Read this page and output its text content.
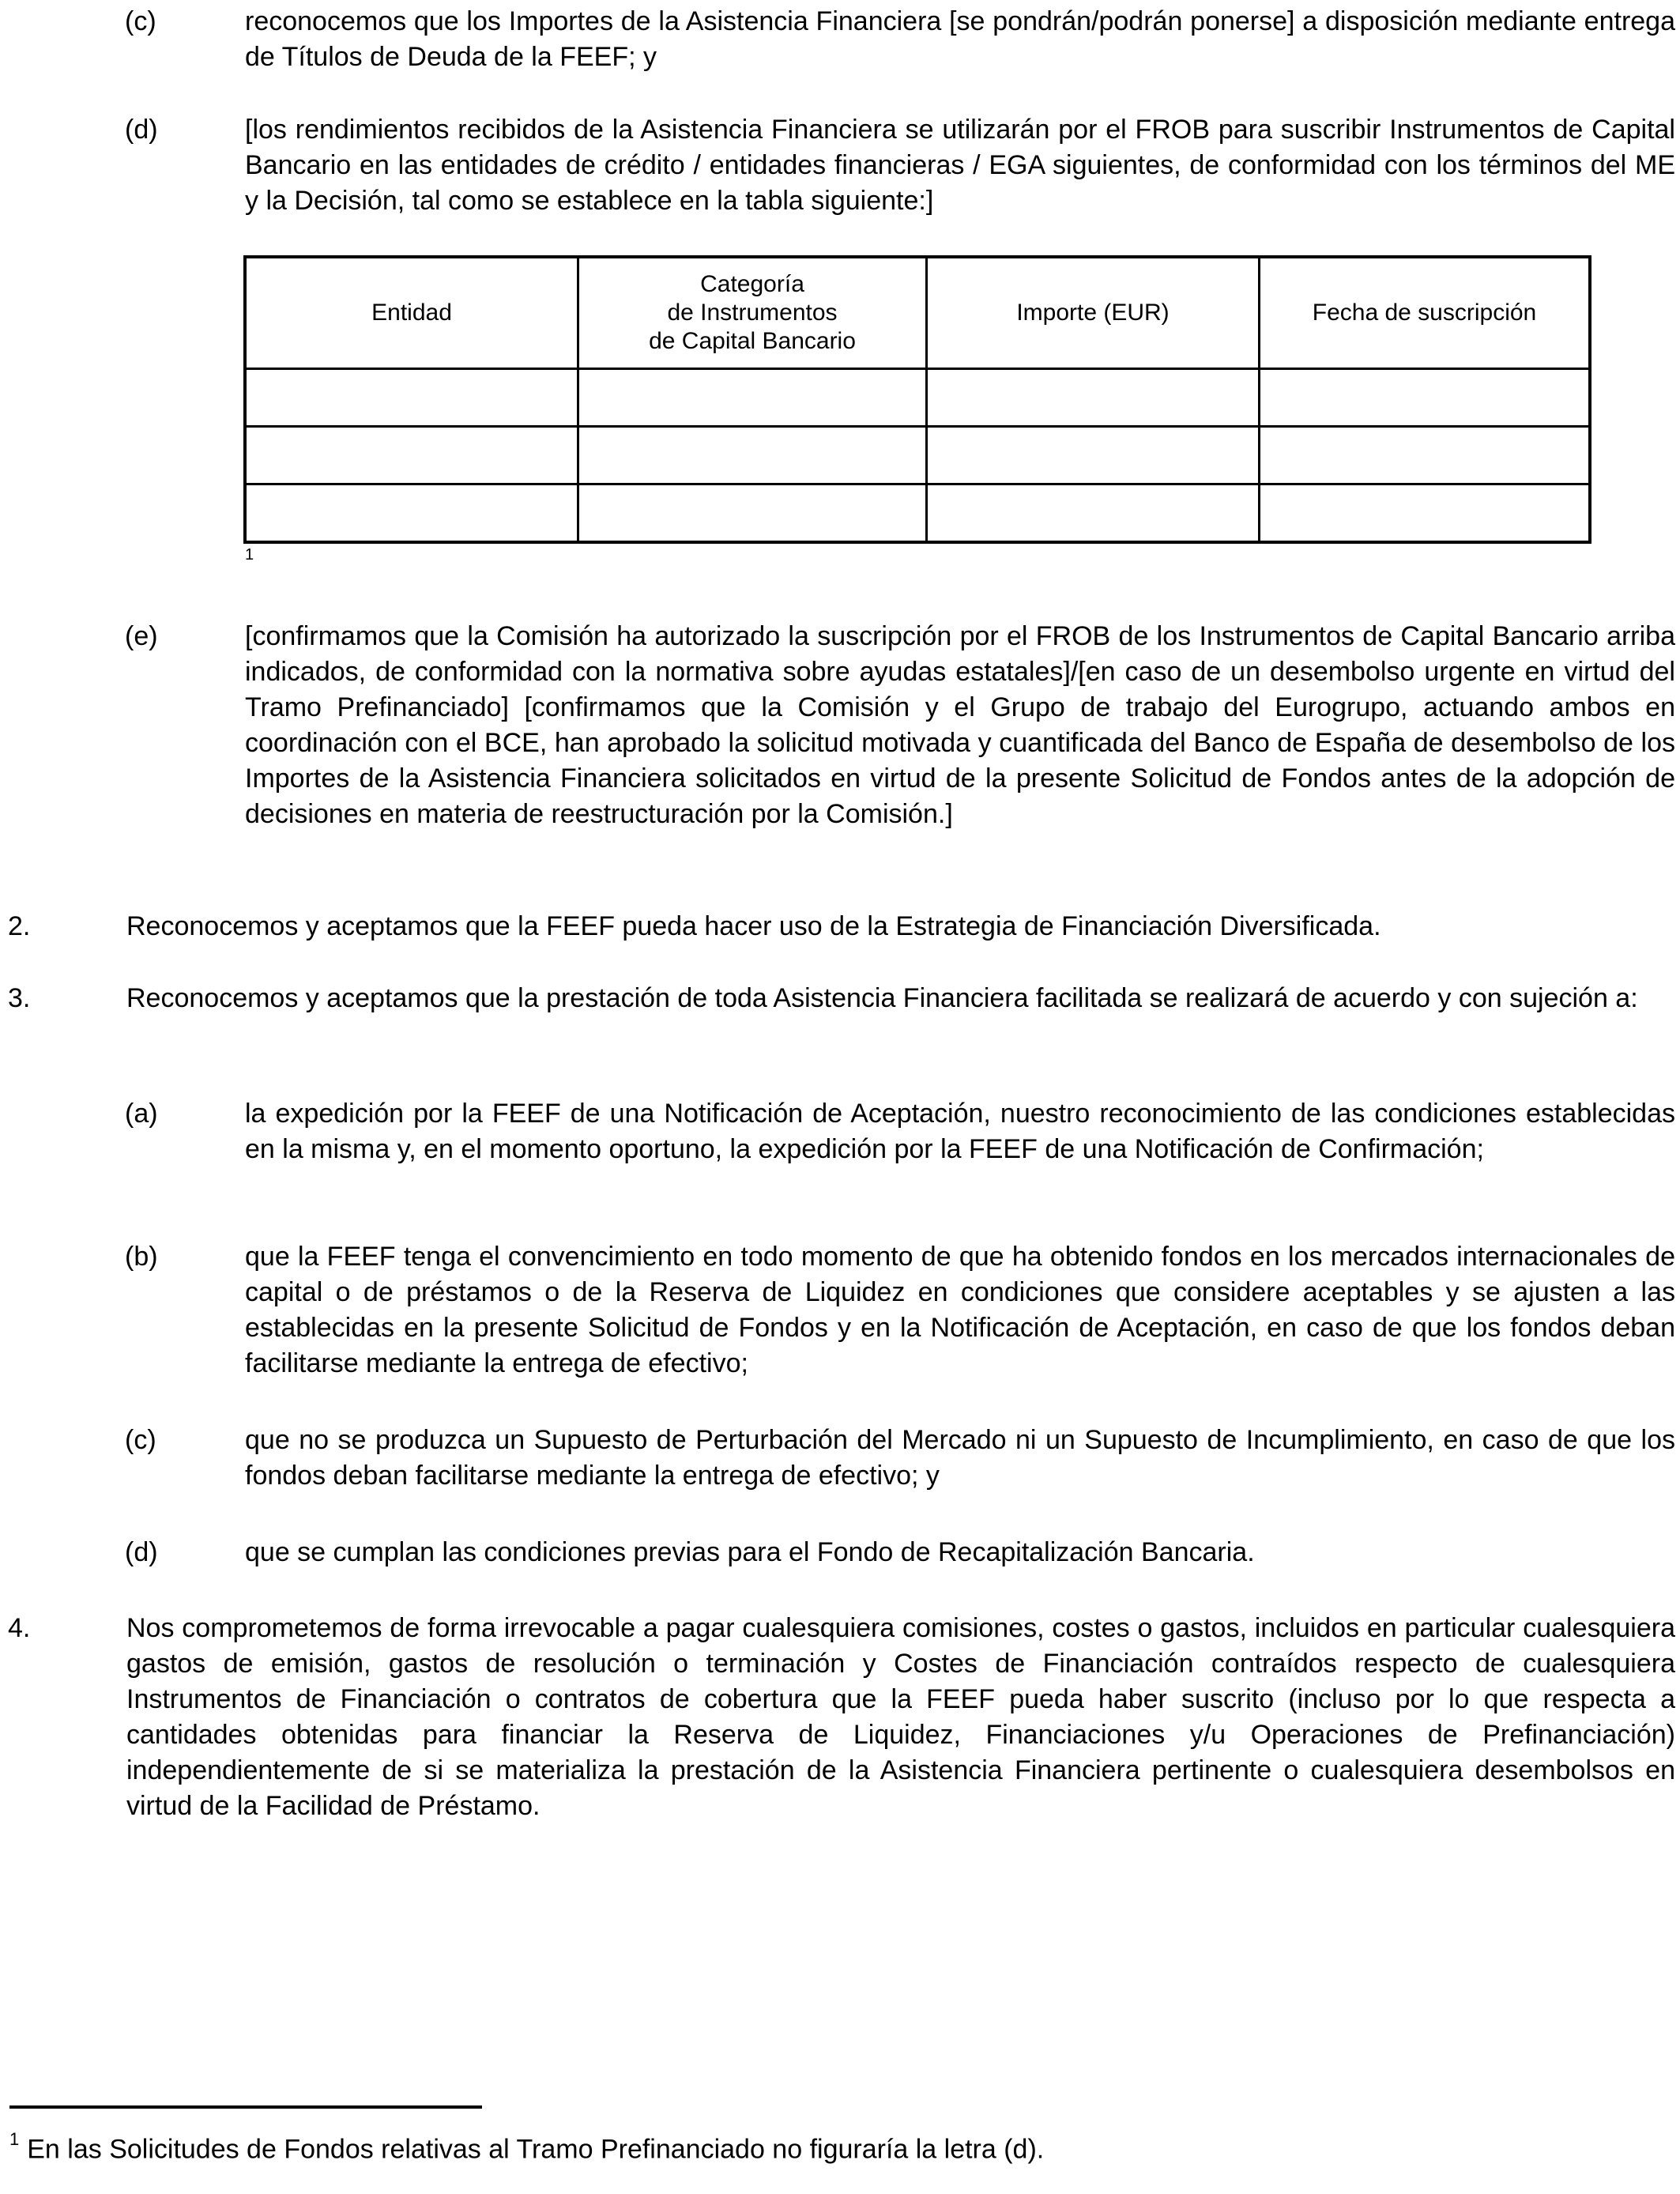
(c)	reconocemos que los Importes de la Asistencia Financiera [se pondrán/podrán ponerse] a disposición mediante entrega de Títulos de Deuda de la FEEF; y
(d)	[los rendimientos recibidos de la Asistencia Financiera se utilizarán por el FROB para suscribir Instrumentos de Capital Bancario en las entidades de crédito / entidades financieras / EGA siguientes, de conformidad con los términos del ME y la Decisión, tal como se establece en la tabla siguiente:]
Entidad	Categoría
de Instrumentos
de Capital Bancario	Importe (EUR)	Fecha de suscripción

1
(e)	[confirmamos que la Comisión ha autorizado la suscripción por el FROB de los Instrumentos de Capital Bancario arriba indicados, de conformidad con la normativa sobre ayudas estatales]/[en caso de un desembolso urgente en virtud del Tramo Prefinanciado] [confirmamos que la Comisión y el Grupo de trabajo del Eurogrupo, actuando ambos en coordinación con el BCE, han aprobado la solicitud motivada y cuantificada del Banco de España de desembolso de los Importes de la Asistencia Financiera solicitados en virtud de la presente Solicitud de Fondos antes de la adopción de decisiones en materia de reestructuración por la Comisión.]
2.	Reconocemos y aceptamos que la FEEF pueda hacer uso de la Estrategia de Financiación Diversificada.
3.	Reconocemos y aceptamos que la prestación de toda Asistencia Financiera facilitada se realizará de acuerdo y con sujeción a:
(a)	la expedición por la FEEF de una Notificación de Aceptación, nuestro reconocimiento de las condiciones establecidas en la misma y, en el momento oportuno, la expedición por la FEEF de una Notificación de Confirmación;
(b)	que la FEEF tenga el convencimiento en todo momento de que ha obtenido fondos en los mercados internacionales de capital o de préstamos o de la Reserva de Liquidez en condiciones que considere aceptables y se ajusten a las establecidas en la presente Solicitud de Fondos y en la Notificación de Aceptación, en caso de que los fondos deban facilitarse mediante la entrega de efectivo;
(c)	que no se produzca un Supuesto de Perturbación del Mercado ni un Supuesto de Incumplimiento, en caso de que los fondos deban facilitarse mediante la entrega de efectivo; y
(d)	que se cumplan las condiciones previas para el Fondo de Recapitalización Bancaria.
4.	Nos comprometemos de forma irrevocable a pagar cualesquiera comisiones, costes o gastos, incluidos en particular cualesquiera gastos de emisión, gastos de resolución o terminación y Costes de Financiación contraídos respecto de cualesquiera Instrumentos de Financiación o contratos de cobertura que la FEEF pueda haber suscrito (incluso por lo que respecta a cantidades obtenidas para financiar la Reserva de Liquidez, Financiaciones y/u Operaciones de Prefinanciación) independientemente de si se materializa la prestación de la Asistencia Financiera pertinente o cualesquiera desembolsos en virtud de la Facilidad de Préstamo.
$^1$ En las Solicitudes de Fondos relativas al Tramo Prefinanciado no figuraría la letra (d).
